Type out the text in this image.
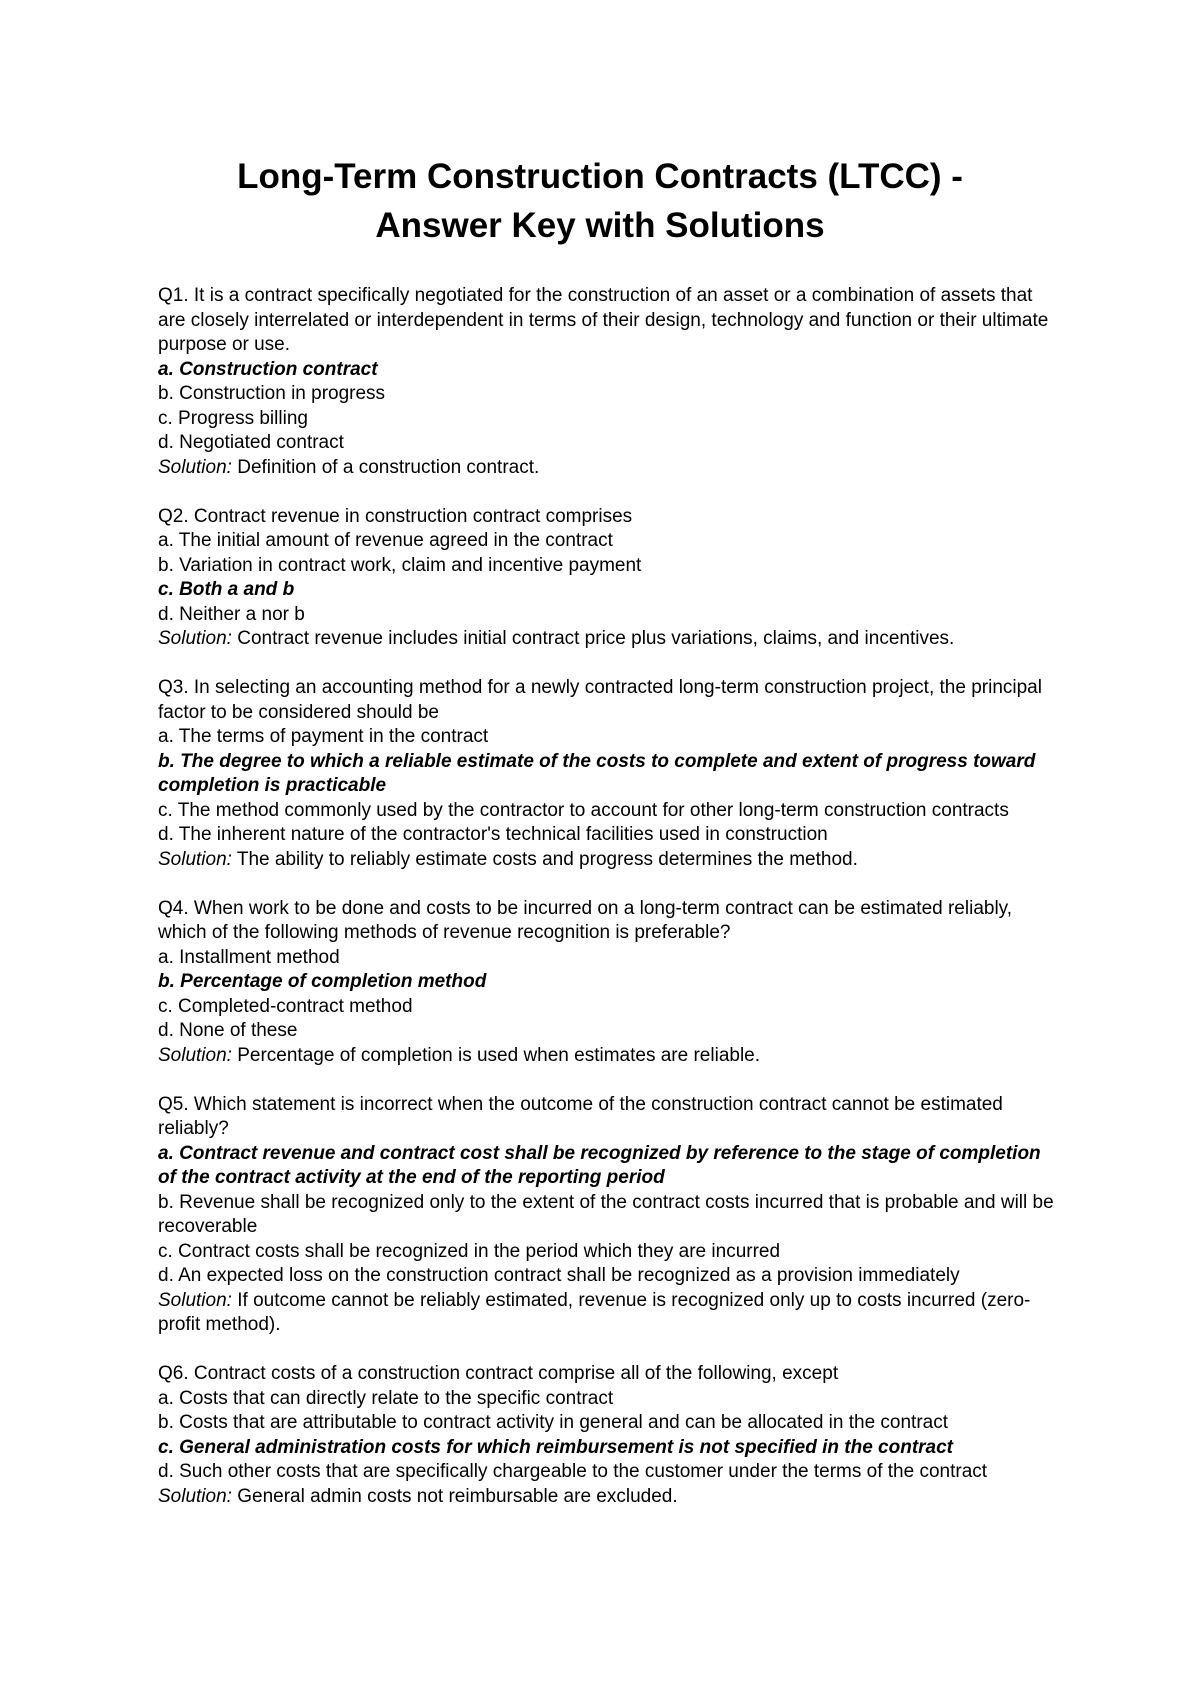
Long-Term Construction Contracts (LTCC) -
Answer Key with Solutions

Q1. It is a contract specifically negotiated for the construction of an asset or a combination of assets that are closely interrelated or interdependent in terms of their design, technology and function or their ultimate purpose or use.

a. Construction contract

b. Construction in progress

c. Progress billing

d. Negotiated contract

Solution: Definition of a construction contract.

Q2. Contract revenue in construction contract comprises

a. The initial amount of revenue agreed in the contract

b. Variation in contract work, claim and incentive payment

c. Both a and b

d. Neither a nor b

Solution: Contract revenue includes initial contract price plus variations, claims, and incentives.

Q3. In selecting an accounting method for a newly contracted long-term construction project, the principal factor to be considered should be

a. The terms of payment in the contract

b. The degree to which a reliable estimate of the costs to complete and extent of progress toward completion is practicable

c. The method commonly used by the contractor to account for other long-term construction contracts

d. The inherent nature of the contractor's technical facilities used in construction

Solution: The ability to reliably estimate costs and progress determines the method.

Q4. When work to be done and costs to be incurred on a long-term contract can be estimated reliably, which of the following methods of revenue recognition is preferable?

a. Installment method

b. Percentage of completion method

c. Completed-contract method

d. None of these

Solution: Percentage of completion is used when estimates are reliable.

Q5. Which statement is incorrect when the outcome of the construction contract cannot be estimated reliably?

a. Contract revenue and contract cost shall be recognized by reference to the stage of completion of the contract activity at the end of the reporting period

b. Revenue shall be recognized only to the extent of the contract costs incurred that is probable and will be recoverable

c. Contract costs shall be recognized in the period which they are incurred

d. An expected loss on the construction contract shall be recognized as a provision immediately

Solution: If outcome cannot be reliably estimated, revenue is recognized only up to costs incurred (zero-profit method).

Q6. Contract costs of a construction contract comprise all of the following, except

a. Costs that can directly relate to the specific contract

b. Costs that are attributable to contract activity in general and can be allocated in the contract

c. General administration costs for which reimbursement is not specified in the contract

d. Such other costs that are specifically chargeable to the customer under the terms of the contract

Solution: General admin costs not reimbursable are excluded.
